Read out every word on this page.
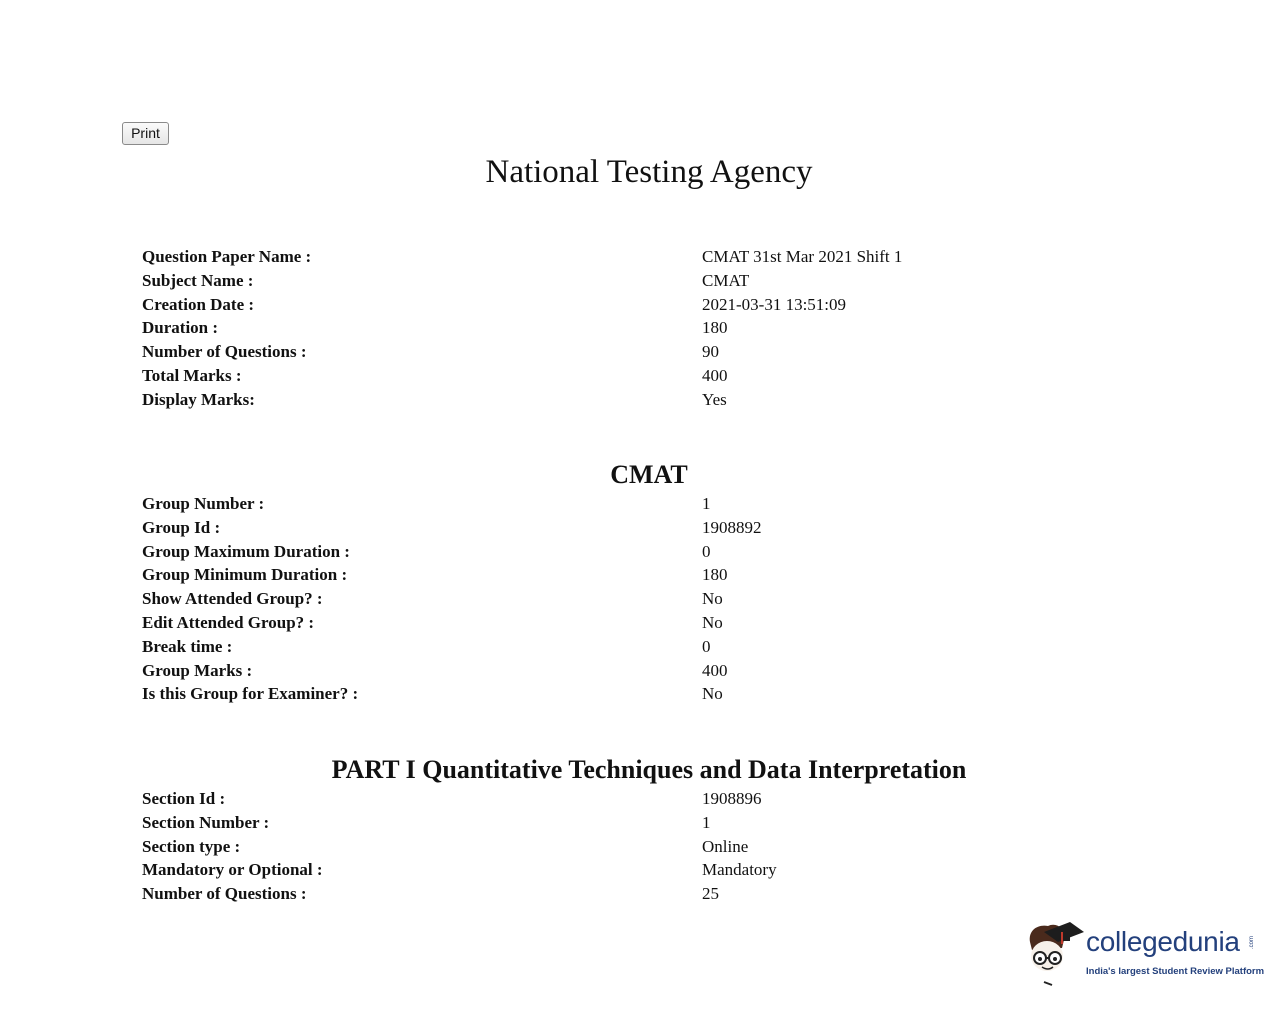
Print
National Testing Agency
Question Paper Name :	CMAT 31st Mar 2021 Shift 1
Subject Name :	CMAT
Creation Date :	2021-03-31 13:51:09
Duration :	180
Number of Questions :	90
Total Marks :	400
Display Marks:	Yes
CMAT
Group Number :	1
Group Id :	1908892
Group Maximum Duration :	0
Group Minimum Duration :	180
Show Attended Group? :	No
Edit Attended Group? :	No
Break time :	0
Group Marks :	400
Is this Group for Examiner? :	No
PART I Quantitative Techniques and Data Interpretation
Section Id :	1908896
Section Number :	1
Section type :	Online
Mandatory or Optional :	Mandatory
Number of Questions :	25
collegedunia .com
India's largest Student Review Platform
